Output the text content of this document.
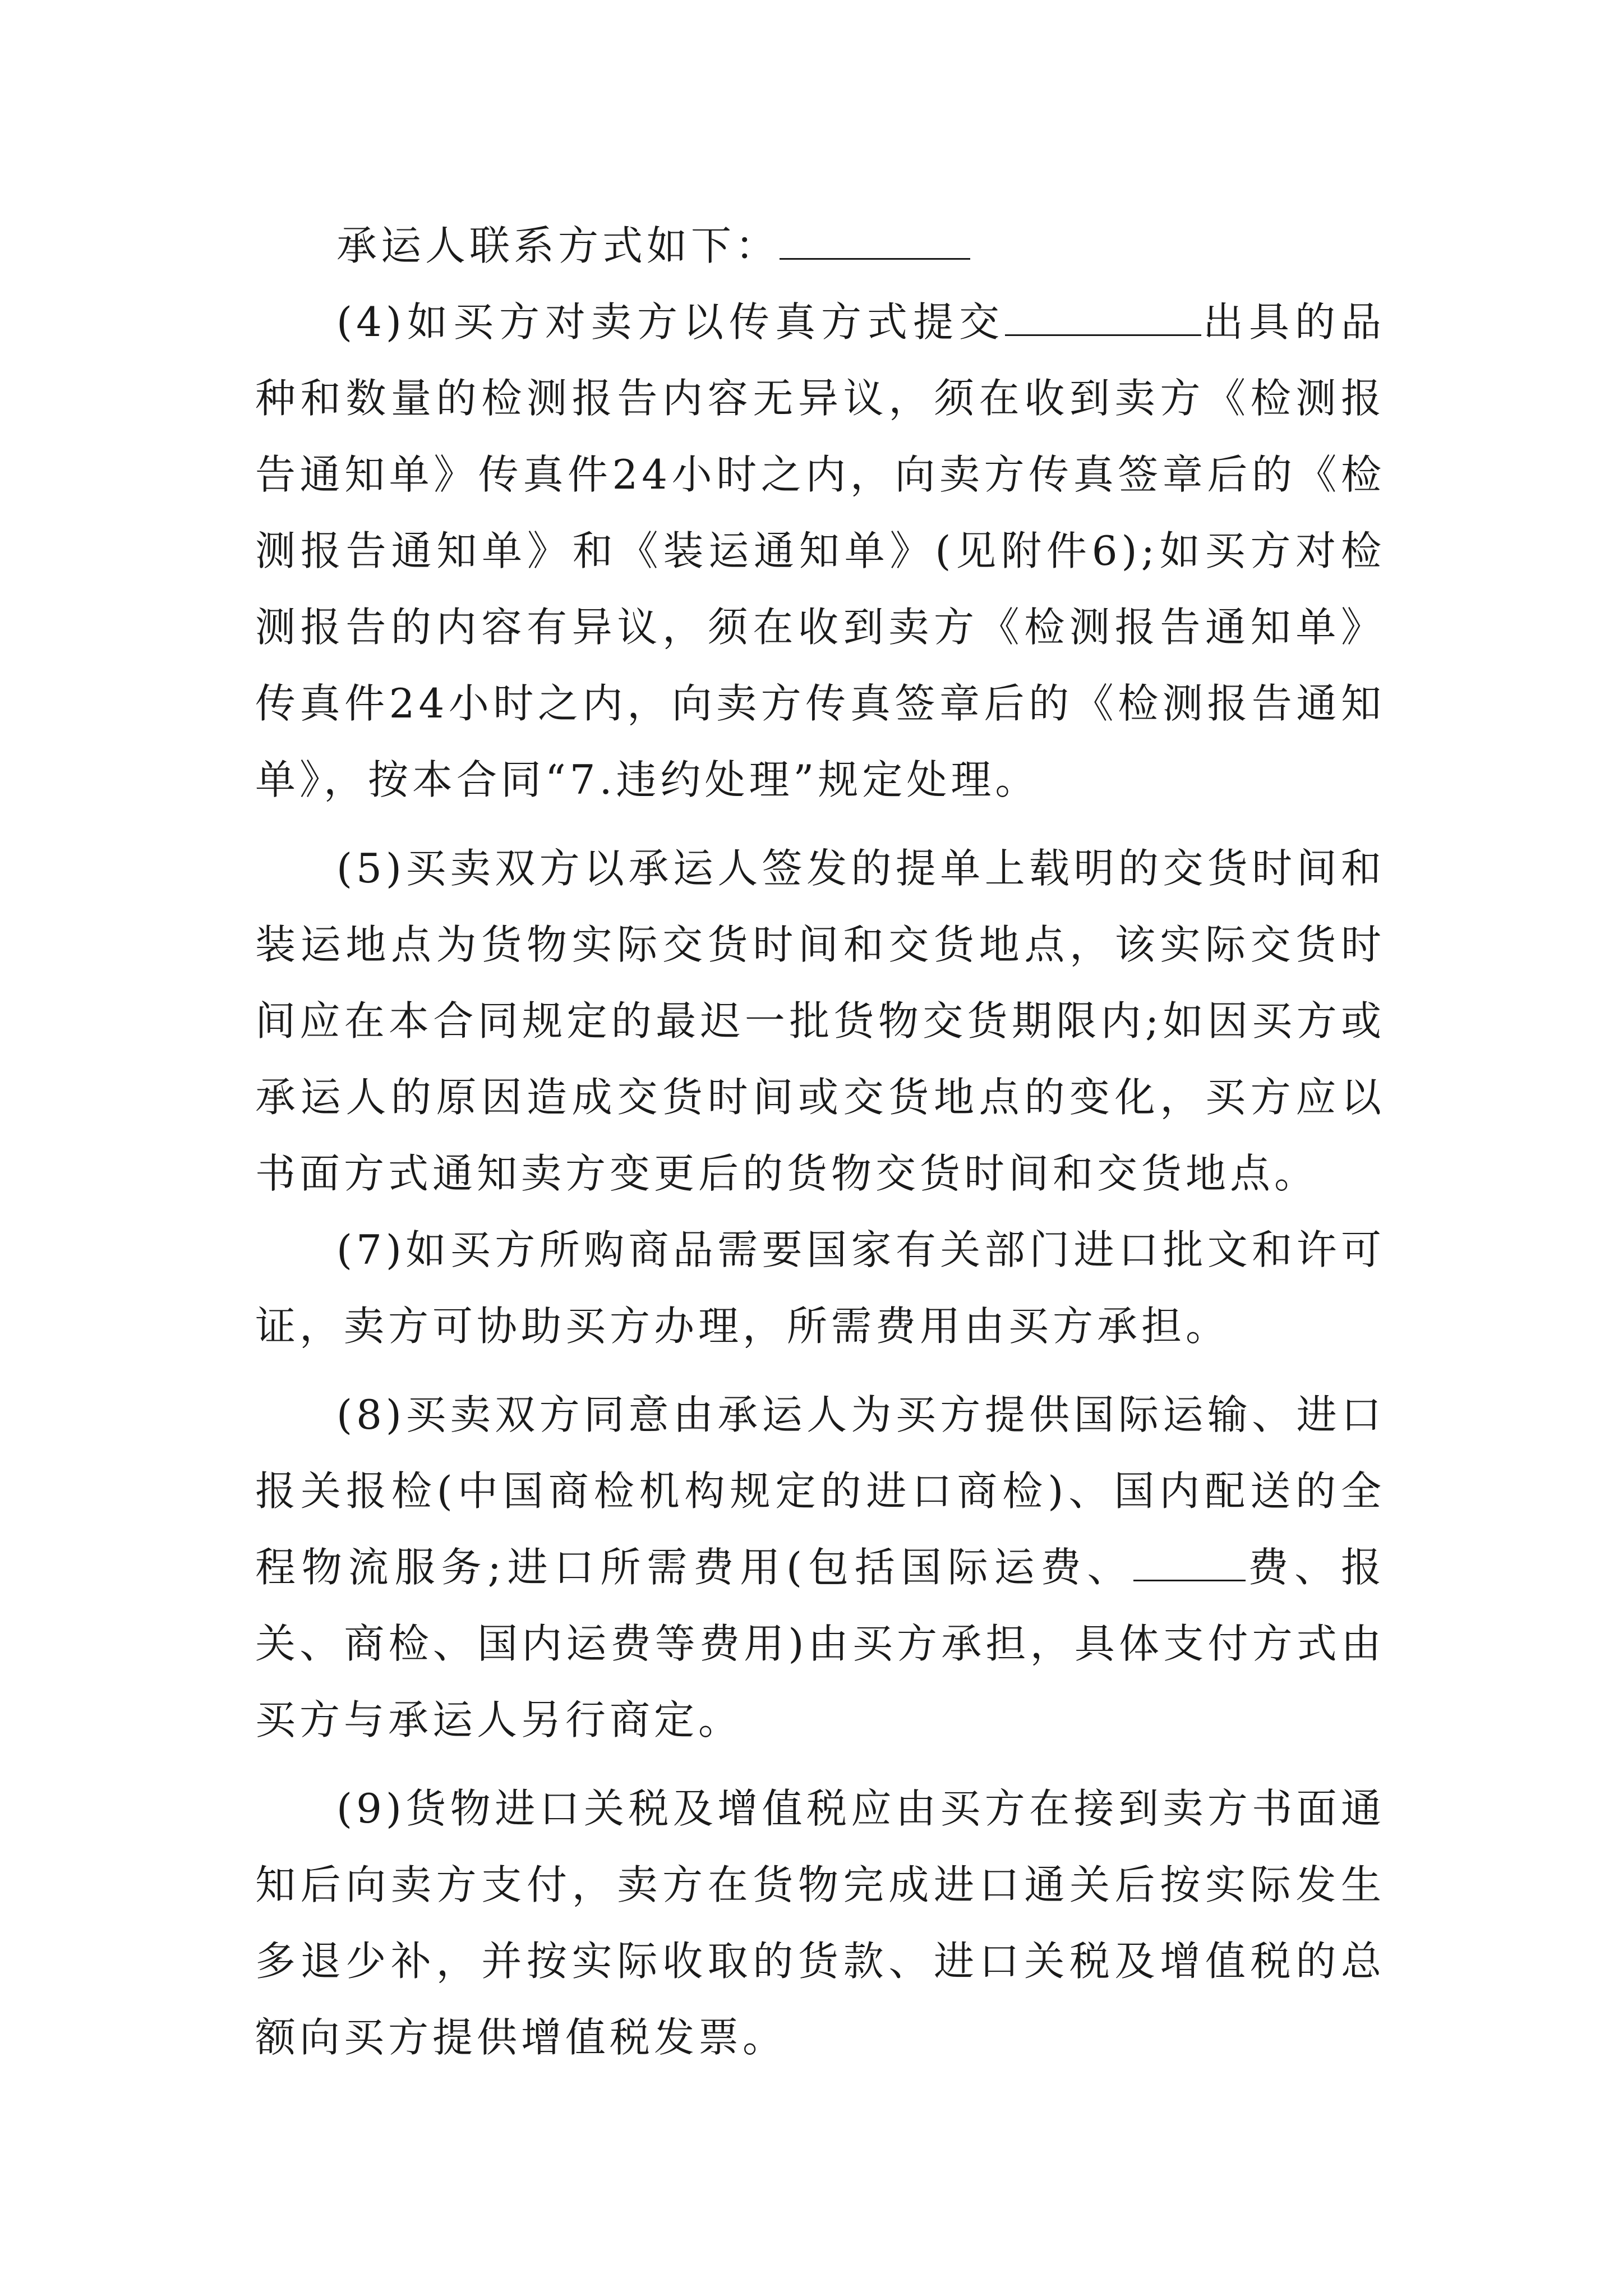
承运人联系方式如下：

(4)如买方对卖方以传真方式提交	出具的品种和数量的检测报告内容无异议，须在收到卖方《检测报告通知单》传真件24小时之内，向卖方传真签章后的《检测报告通知单》和《装运通知单》(见附件6);如买方对检测报告的内容有异议，须在收到卖方《检测报告通知单》传真件24小时之内，向卖方传真签章后的《检测报告通知单》，按本合同“7.违约处理”规定处理。

(5)买卖双方以承运人签发的提单上载明的交货时间和装运地点为货物实际交货时间和交货地点，该实际交货时间应在本合同规定的最迟一批货物交货期限内;如因买方或承运人的原因造成交货时间或交货地点的变化，买方应以书面方式通知卖方变更后的货物交货时间和交货地点。

(7)如买方所购商品需要国家有关部门进口批文和许可证，卖方可协助买方办理，所需费用由买方承担。

(8)买卖双方同意由承运人为买方提供国际运输、进口报关报检(中国商检机构规定的进口商检)、国内配送的全程物流服务;进口所需费用(包括国际运费、	费、报关、商检、国内运费等费用)由买方承担，具体支付方式由买方与承运人另行商定。

(9)货物进口关税及增值税应由买方在接到卖方书面通知后向卖方支付，卖方在货物完成进口通关后按实际发生多退少补，并按实际收取的货款、进口关税及增值税的总额向买方提供增值税发票。
